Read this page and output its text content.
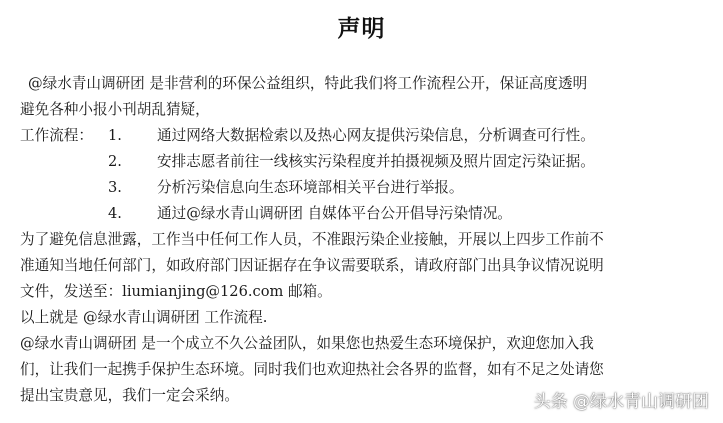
声明
@绿水青山调研团 是非营利的环保公益组织，特此我们将工作流程公开，保证高度透明
避免各种小报小刊胡乱猜疑，
工作流程： 1. 通过网络大数据检索以及热心网友提供污染信息，分析调查可行性。
2. 安排志愿者前往一线核实污染程度并拍摄视频及照片固定污染证据。
3. 分析污染信息向生态环境部相关平台进行举报。
4. 通过@绿水青山调研团 自媒体平台公开倡导污染情况。
为了避免信息泄露，工作当中任何工作人员，不准跟污染企业接触，开展以上四步工作前不
准通知当地任何部门，如政府部门因证据存在争议需要联系，请政府部门出具争议情况说明
文件，发送至：liumianjing@126.com 邮箱。
以上就是 @绿水青山调研团 工作流程.
@绿水青山调研团 是一个成立不久公益团队，如果您也热爱生态环境保护，欢迎您加入我
们，让我们一起携手保护生态环境。同时我们也欢迎热社会各界的监督，如有不足之处请您
提出宝贵意见，我们一定会采纳。	头条 @绿水青山调研团
